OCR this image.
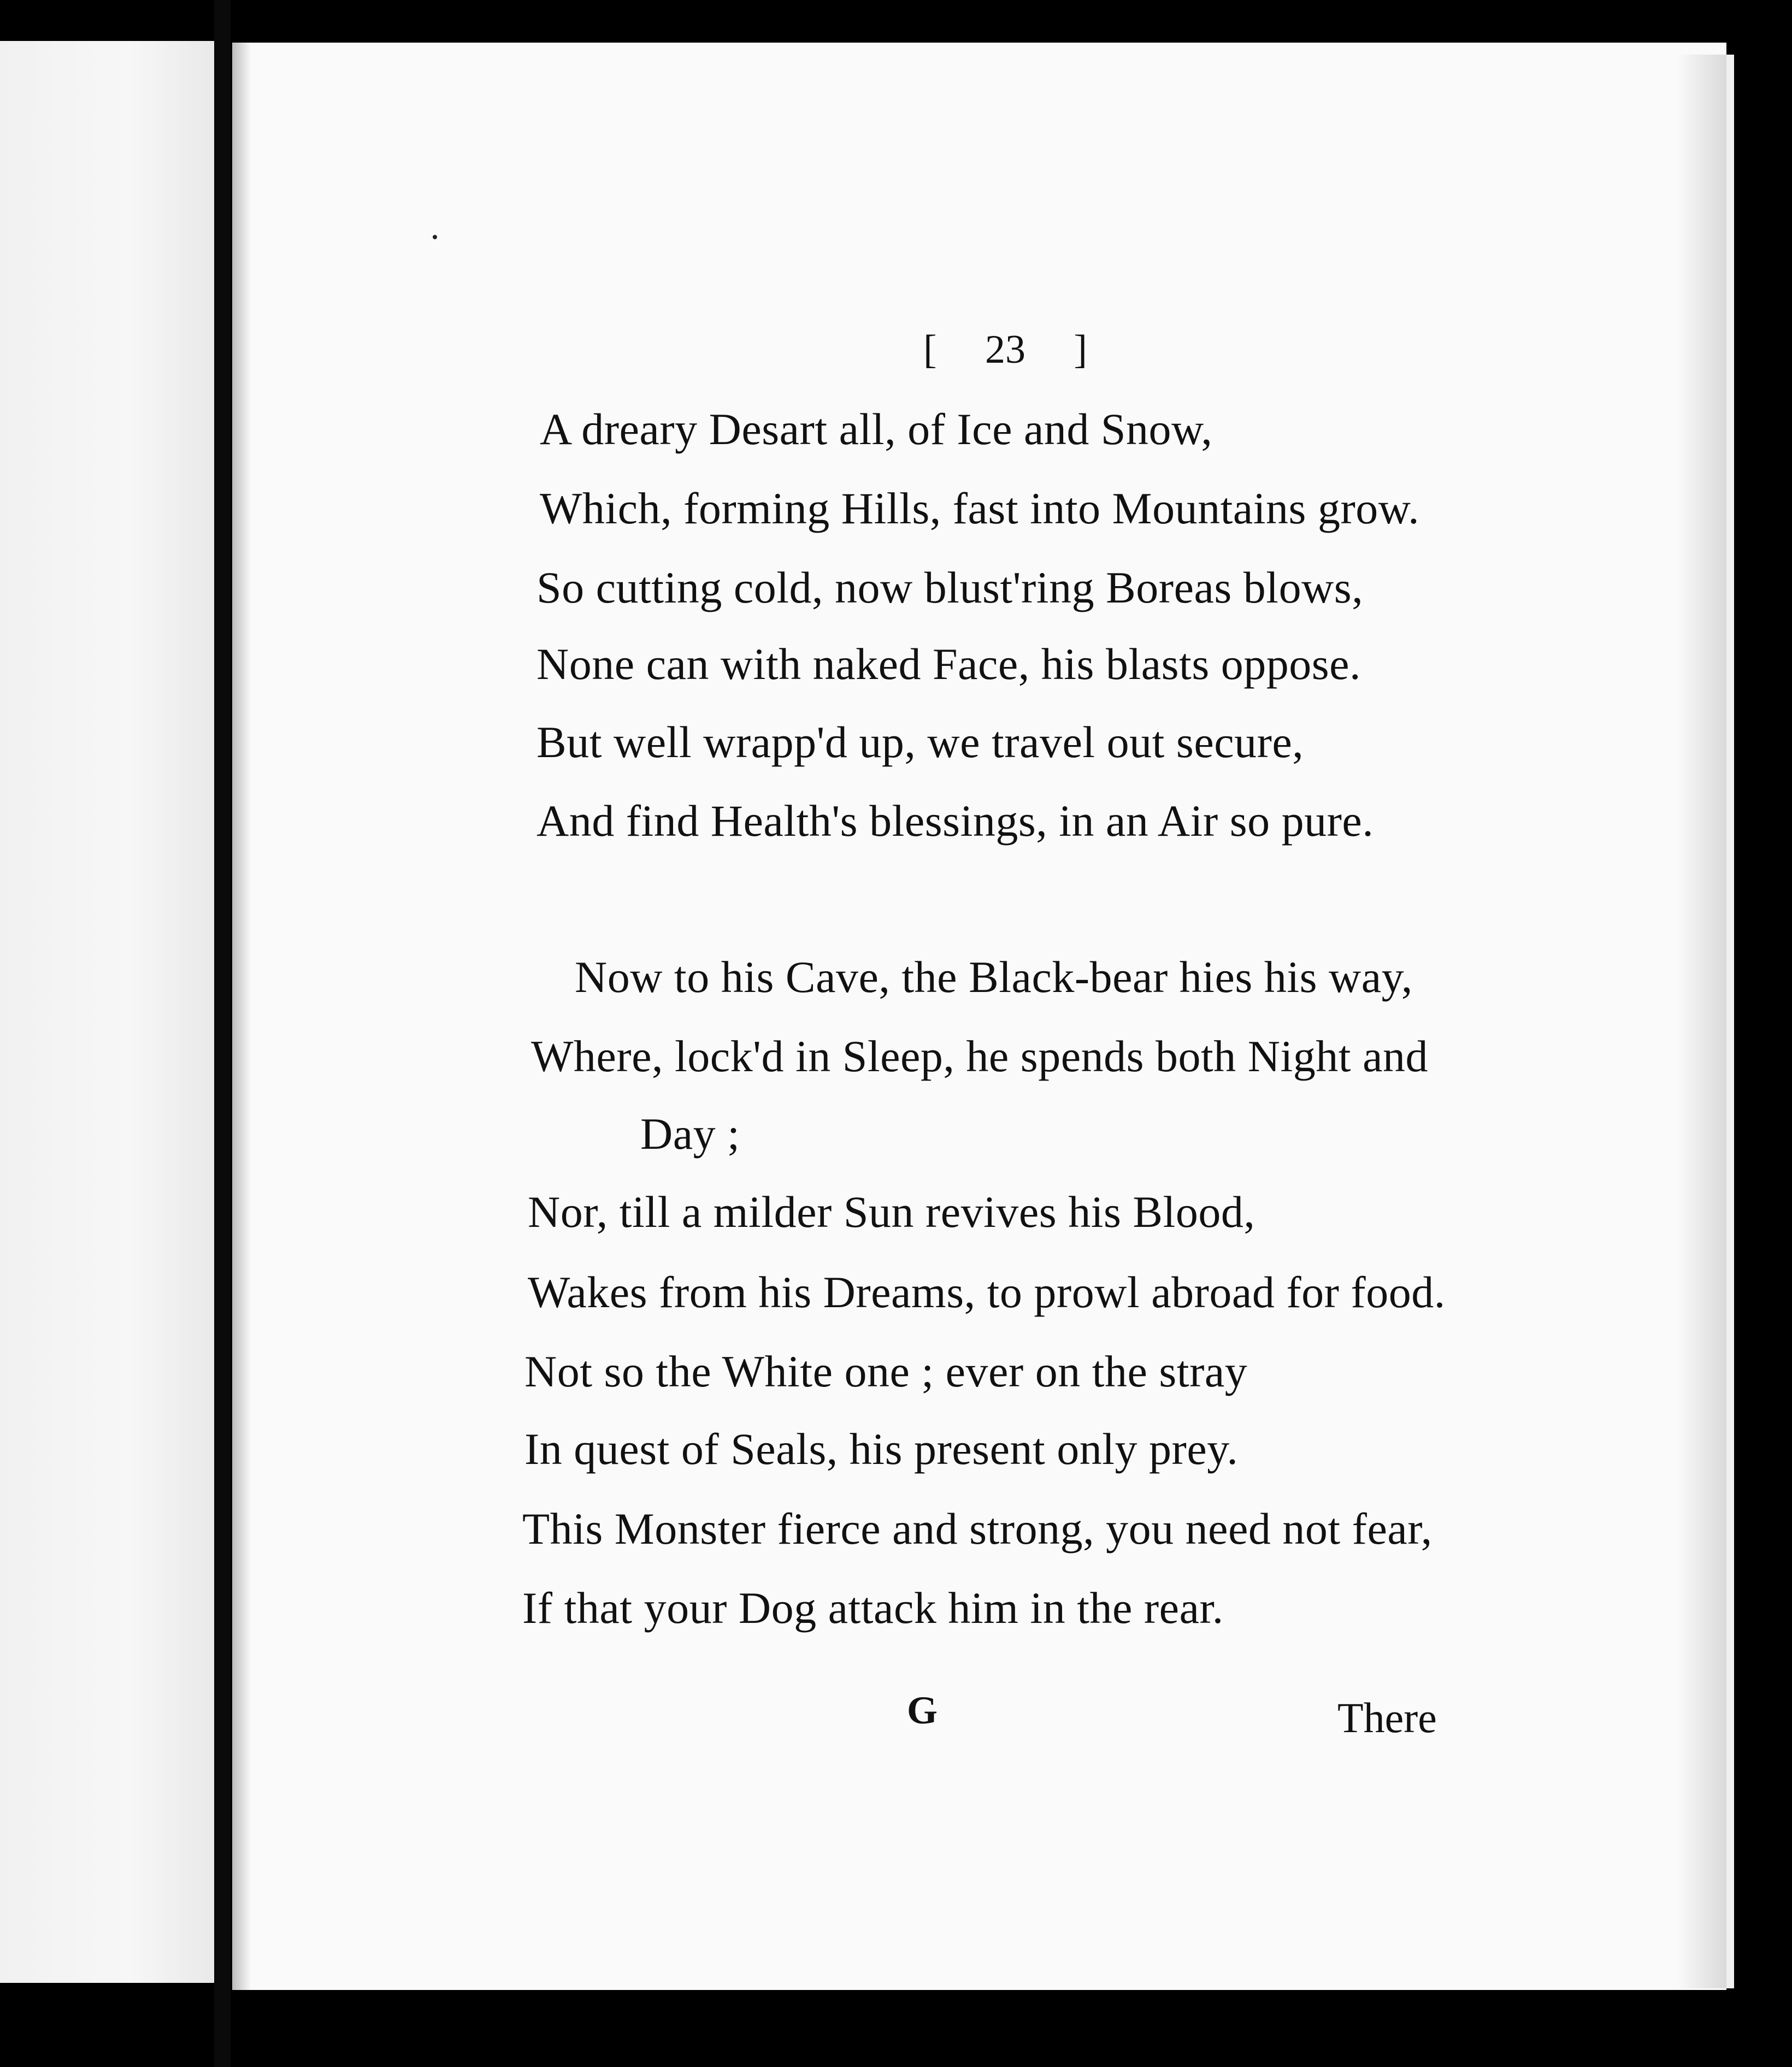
[ 23 ]
A dreary Desart all, of Ice and Snow,
Which, forming Hills, fast into Mountains grow.
So cutting cold, now blust'ring Boreas blows,
None can with naked Face, his blasts oppose.
But well wrapp'd up, we travel out secure,
And find Health's blessings, in an Air so pure.
Now to his Cave, the Black-bear hies his way,
Where, lock'd in Sleep, he spends both Night and
Day ;
Nor, till a milder Sun revives his Blood,
Wakes from his Dreams, to prowl abroad for food.
Not so the White one ; ever on the stray
In quest of Seals, his present only prey.
This Monster fierce and strong, you need not fear,
If that your Dog attack him in the rear.
G	There
